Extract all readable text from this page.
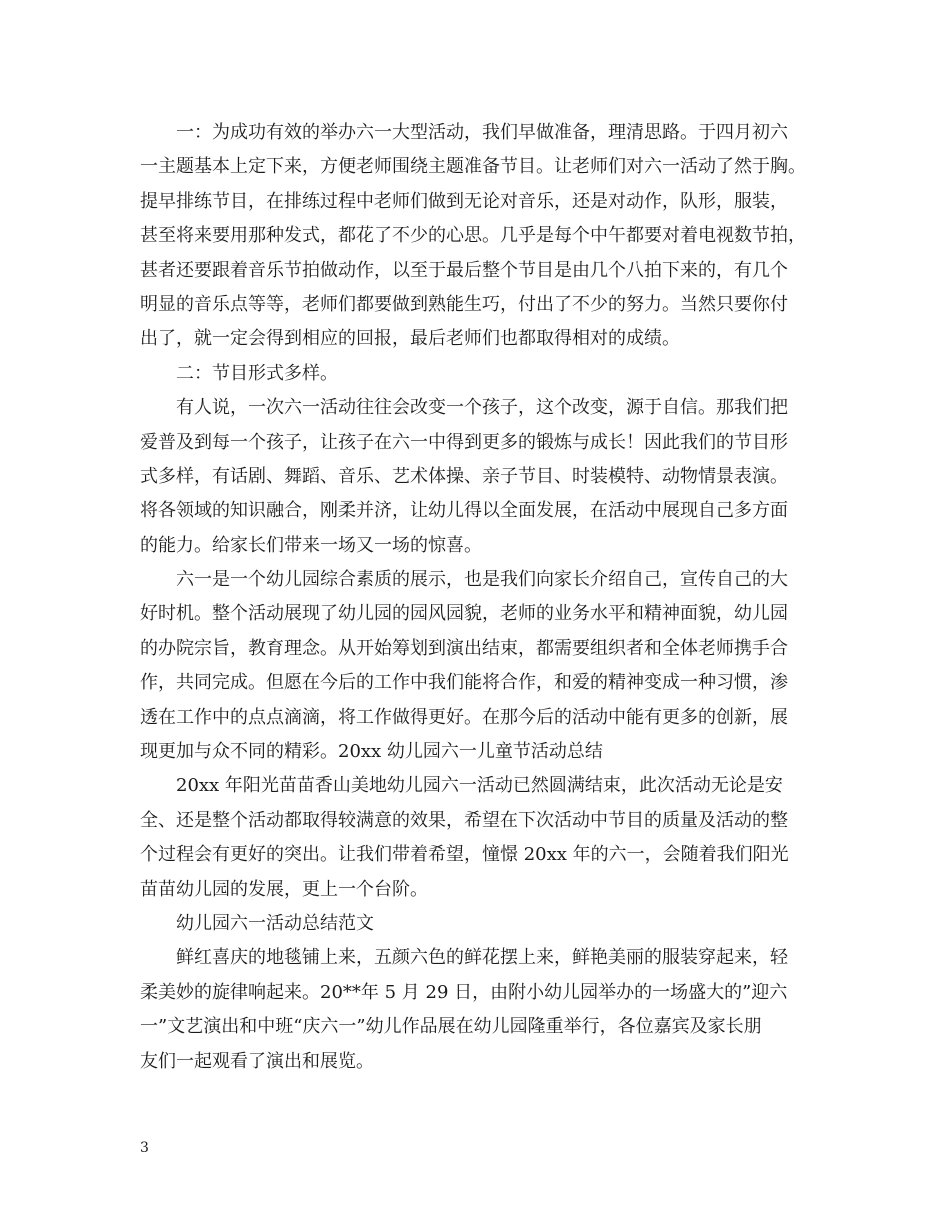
一：为成功有效的举办六一大型活动，我们早做准备，理清思路。于四月初六
一主题基本上定下来，方便老师围绕主题准备节目。让老师们对六一活动了然于胸。
提早排练节目，在排练过程中老师们做到无论对音乐，还是对动作，队形，服装，
甚至将来要用那种发式，都花了不少的心思。几乎是每个中午都要对着电视数节拍，
甚者还要跟着音乐节拍做动作，以至于最后整个节目是由几个八拍下来的，有几个
明显的音乐点等等，老师们都要做到熟能生巧，付出了不少的努力。当然只要你付
出了，就一定会得到相应的回报，最后老师们也都取得相对的成绩。
二：节目形式多样。
有人说，一次六一活动往往会改变一个孩子，这个改变，源于自信。那我们把
爱普及到每一个孩子，让孩子在六一中得到更多的锻炼与成长！因此我们的节目形
式多样，有话剧、舞蹈、音乐、艺术体操、亲子节目、时装模特、动物情景表演。
将各领域的知识融合，刚柔并济，让幼儿得以全面发展，在活动中展现自己多方面
的能力。给家长们带来一场又一场的惊喜。
六一是一个幼儿园综合素质的展示，也是我们向家长介绍自己，宣传自己的大
好时机。整个活动展现了幼儿园的园风园貌，老师的业务水平和精神面貌，幼儿园
的办院宗旨，教育理念。从开始筹划到演出结束，都需要组织者和全体老师携手合
作，共同完成。但愿在今后的工作中我们能将合作，和爱的精神变成一种习惯，渗
透在工作中的点点滴滴，将工作做得更好。在那今后的活动中能有更多的创新，展
现更加与众不同的精彩。20xx 幼儿园六一儿童节活动总结
20xx 年阳光苗苗香山美地幼儿园六一活动已然圆满结束，此次活动无论是安
全、还是整个活动都取得较满意的效果，希望在下次活动中节目的质量及活动的整
个过程会有更好的突出。让我们带着希望，憧憬 20xx 年的六一，会随着我们阳光
苗苗幼儿园的发展，更上一个台阶。
幼儿园六一活动总结范文
鲜红喜庆的地毯铺上来，五颜六色的鲜花摆上来，鲜艳美丽的服装穿起来，轻
柔美妙的旋律响起来。20**年 5 月 29 日，由附小幼儿园举办的一场盛大的”迎六
一”文艺演出和中班“庆六一”幼儿作品展在幼儿园隆重举行，各位嘉宾及家长朋
友们一起观看了演出和展览。
3
